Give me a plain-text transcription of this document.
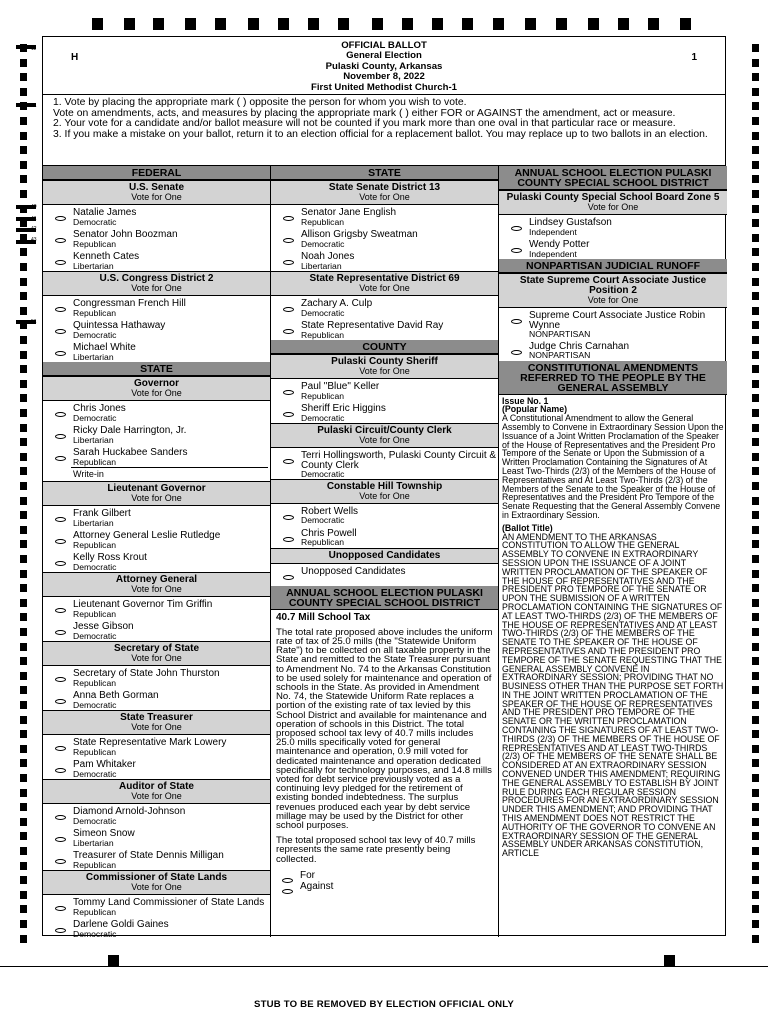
11
21
40
41
42
43
51
OFFICIAL BALLOT
General Election
Pulaski County, Arkansas
November 8, 2022
First United Methodist Church-1
H	1
1. Vote by placing the appropriate mark ( ) opposite the person for whom you wish to vote.
Vote on amendments, acts, and measures by placing the appropriate mark ( ) either FOR or AGAINST the amendment, act or measure.
2. Your vote for a candidate and/or ballot measure will not be counted if you mark more than one oval in that particular race or measure.
3. If you make a mistake on your ballot, return it to an election official for a replacement ballot. You may replace up to two ballots in an election.
FEDERAL
U.S. Senate
Vote for One
Natalie James
Democratic
Senator John Boozman
Republican
Kenneth Cates
Libertarian
U.S. Congress District 2
Vote for One
Congressman French Hill
Republican
Quintessa Hathaway
Democratic
Michael White
Libertarian
STATE
Governor
Vote for One
Chris Jones
Democratic
Ricky Dale Harrington, Jr.
Libertarian
Sarah Huckabee Sanders
Republican
Write-in
Lieutenant Governor
Vote for One
Frank Gilbert
Libertarian
Attorney General Leslie Rutledge
Republican
Kelly Ross Krout
Democratic
Attorney General
Vote for One
Lieutenant Governor Tim Griffin
Republican
Jesse Gibson
Democratic
Secretary of State
Vote for One
Secretary of State John Thurston
Republican
Anna Beth Gorman
Democratic
State Treasurer
Vote for One
State Representative Mark Lowery
Republican
Pam Whitaker
Democratic
Auditor of State
Vote for One
Diamond Arnold-Johnson
Democratic
Simeon Snow
Libertarian
Treasurer of State Dennis Milligan
Republican
Commissioner of State Lands
Vote for One
Tommy Land Commissioner of State Lands
Republican
Darlene Goldi Gaines
Democratic
STATE
State Senate District 13
Vote for One
Senator Jane English
Republican
Allison Grigsby Sweatman
Democratic
Noah Jones
Libertarian
State Representative District 69
Vote for One
Zachary A. Culp
Democratic
State Representative David Ray
Republican
COUNTY
Pulaski County Sheriff
Vote for One
Paul "Blue" Keller
Republican
Sheriff Eric Higgins
Democratic
Pulaski Circuit/County Clerk
Vote for One
Terri Hollingsworth, Pulaski County Circuit & County Clerk
Democratic
Constable Hill Township
Vote for One
Robert Wells
Democratic
Chris Powell
Republican
Unopposed Candidates
Unopposed Candidates
ANNUAL SCHOOL ELECTION PULASKI COUNTY SPECIAL SCHOOL DISTRICT
40.7 Mill School Tax

The total rate proposed above includes the uniform rate of tax of 25.0 mills (the "Statewide Uniform Rate") to be collected on all taxable property in the State and remitted to the State Treasurer pursuant to Amendment No. 74 to the Arkansas Constitution to be used solely for maintenance and operation of schools in the State. As provided in Amendment No. 74, the Statewide Uniform Rate replaces a portion of the existing rate of tax levied by this School District and available for maintenance and operation of schools in this District. The total proposed school tax levy of 40.7 mills includes 25.0 mills specifically voted for general maintenance and operation, 0.9 mill voted for dedicated maintenance and operation dedicated specifically for technology purposes, and 14.8 mills voted for debt service previously voted as a continuing levy pledged for the retirement of existing bonded indebtedness. The surplus revenues produced each year by debt service millage may be used by the District for other school purposes.

The total proposed school tax levy of 40.7 mills represents the same rate presently being collected.

For
Against
ANNUAL SCHOOL ELECTION PULASKI COUNTY SPECIAL SCHOOL DISTRICT
Pulaski County Special School Board Zone 5
Vote for One
Lindsey Gustafson
Independent
Wendy Potter
Independent
NONPARTISAN JUDICIAL RUNOFF
State Supreme Court Associate Justice Position 2
Vote for One
Supreme Court Associate Justice Robin Wynne
NONPARTISAN
Judge Chris Carnahan
NONPARTISAN
CONSTITUTIONAL AMENDMENTS REFERRED TO THE PEOPLE BY THE GENERAL ASSEMBLY
Issue No. 1
(Popular Name)

A Constitutional Amendment to allow the General Assembly to Convene in Extraordinary Session Upon the Issuance of a Joint Written Proclamation of the Speaker of the House of Representatives and the President Pro Tempore of the Senate or Upon the Submission of a Written Proclamation Containing the Signatures of At Least Two-Thirds (2/3) of the Members of the House of Representatives and At Least Two-Thirds (2/3) of the Members of the Senate to the Speaker of the House of Representatives and the President Pro Tempore of the Senate Requesting that the General Assembly Convene in Extraordinary Session.

(Ballot Title)

AN AMENDMENT TO THE ARKANSAS CONSTITUTION TO ALLOW THE GENERAL ASSEMBLY TO CONVENE IN EXTRAORDINARY SESSION UPON THE ISSUANCE OF A JOINT WRITTEN PROCLAMATION OF THE SPEAKER OF THE HOUSE OF REPRESENTATIVES AND THE PRESIDENT PRO TEMPORE OF THE SENATE OR UPON THE SUBMISSION OF A WRITTEN PROCLAMATION CONTAINING THE SIGNATURES OF AT LEAST TWO-THIRDS (2/3) OF THE MEMBERS OF THE HOUSE OF REPRESENTATIVES AND AT LEAST TWO-THIRDS (2/3) OF THE MEMBERS OF THE SENATE TO THE SPEAKER OF THE HOUSE OF REPRESENTATIVES AND THE PRESIDENT PRO TEMPORE OF THE SENATE REQUESTING THAT THE GENERAL ASSEMBLY CONVENE IN EXTRAORDINARY SESSION; PROVIDING THAT NO BUSINESS OTHER THAN THE PURPOSE SET FORTH IN THE JOINT WRITTEN PROCLAMATION OF THE SPEAKER OF THE HOUSE OF REPRESENTATIVES AND THE PRESIDENT PRO TEMPORE OF THE SENATE OR THE WRITTEN PROCLAMATION CONTAINING THE SIGNATURES OF AT LEAST TWO-THIRDS (2/3) OF THE MEMBERS OF THE HOUSE OF REPRESENTATIVES AND AT LEAST TWO-THIRDS (2/3) OF THE MEMBERS OF THE SENATE SHALL BE CONSIDERED AT AN EXTRAORDINARY SESSION CONVENED UNDER THIS AMENDMENT; REQUIRING THE GENERAL ASSEMBLY TO ESTABLISH BY JOINT RULE DURING EACH REGULAR SESSION PROCEDURES FOR AN EXTRAORDINARY SESSION UNDER THIS AMENDMENT; AND PROVIDING THAT THIS AMENDMENT DOES NOT RESTRICT THE AUTHORITY OF THE GOVERNOR TO CONVENE AN EXTRAORDINARY SESSION OF THE GENERAL ASSEMBLY UNDER ARKANSAS CONSTITUTION, ARTICLE

STUB TO BE REMOVED BY ELECTION OFFICIAL ONLY
